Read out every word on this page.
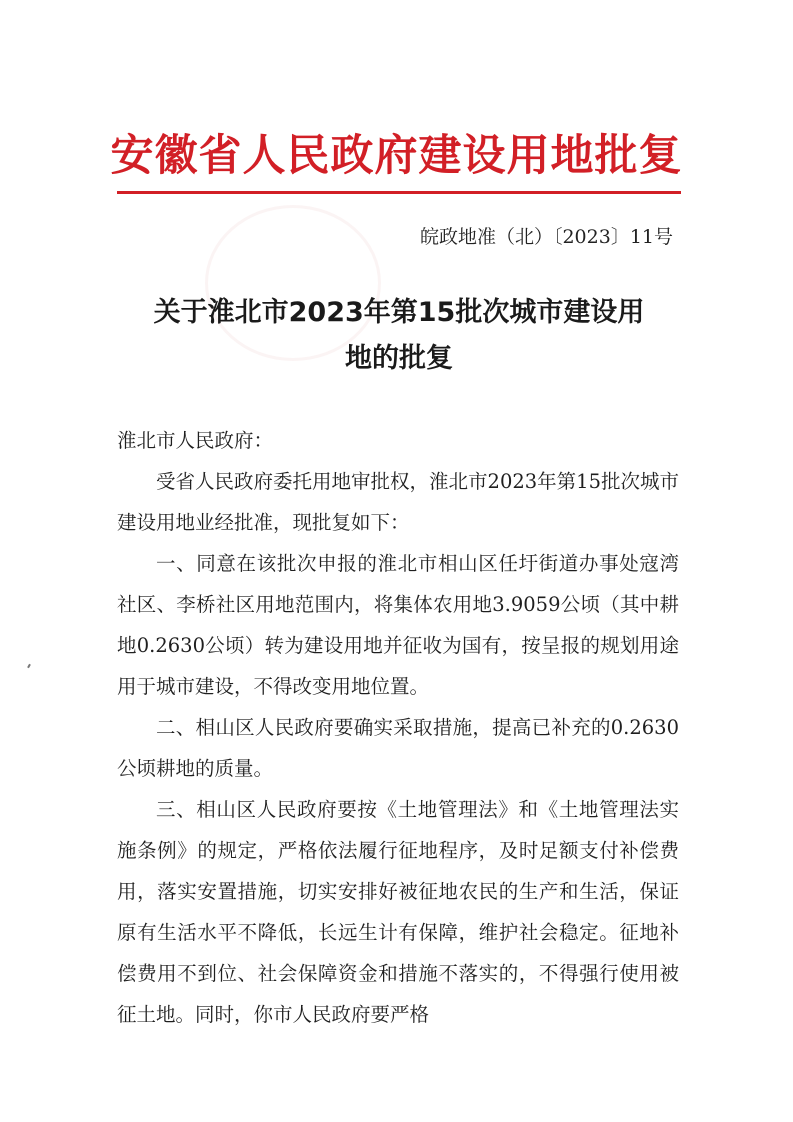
安徽省人民政府建设用地批复
皖政地准（北）〔2023〕11号
关于淮北市2023年第15批次城市建设用
地的批复

淮北市人民政府：

受省人民政府委托用地审批权，淮北市2023年第15批次城市建设用地业经批准，现批复如下：

一、同意在该批次申报的淮北市相山区任圩街道办事处寇湾社区、李桥社区用地范围内，将集体农用地3.9059公顷（其中耕地0.2630公顷）转为建设用地并征收为国有，按呈报的规划用途用于城市建设，不得改变用地位置。

二、相山区人民政府要确实采取措施，提高已补充的0.2630公顷耕地的质量。

三、相山区人民政府要按《土地管理法》和《土地管理法实施条例》的规定，严格依法履行征地程序，及时足额支付补偿费用，落实安置措施，切实安排好被征地农民的生产和生活，保证原有生活水平不降低，长远生计有保障，维护社会稳定。征地补偿费用不到位、社会保障资金和措施不落实的，不得强行使用被征土地。同时，你市人民政府要严格
